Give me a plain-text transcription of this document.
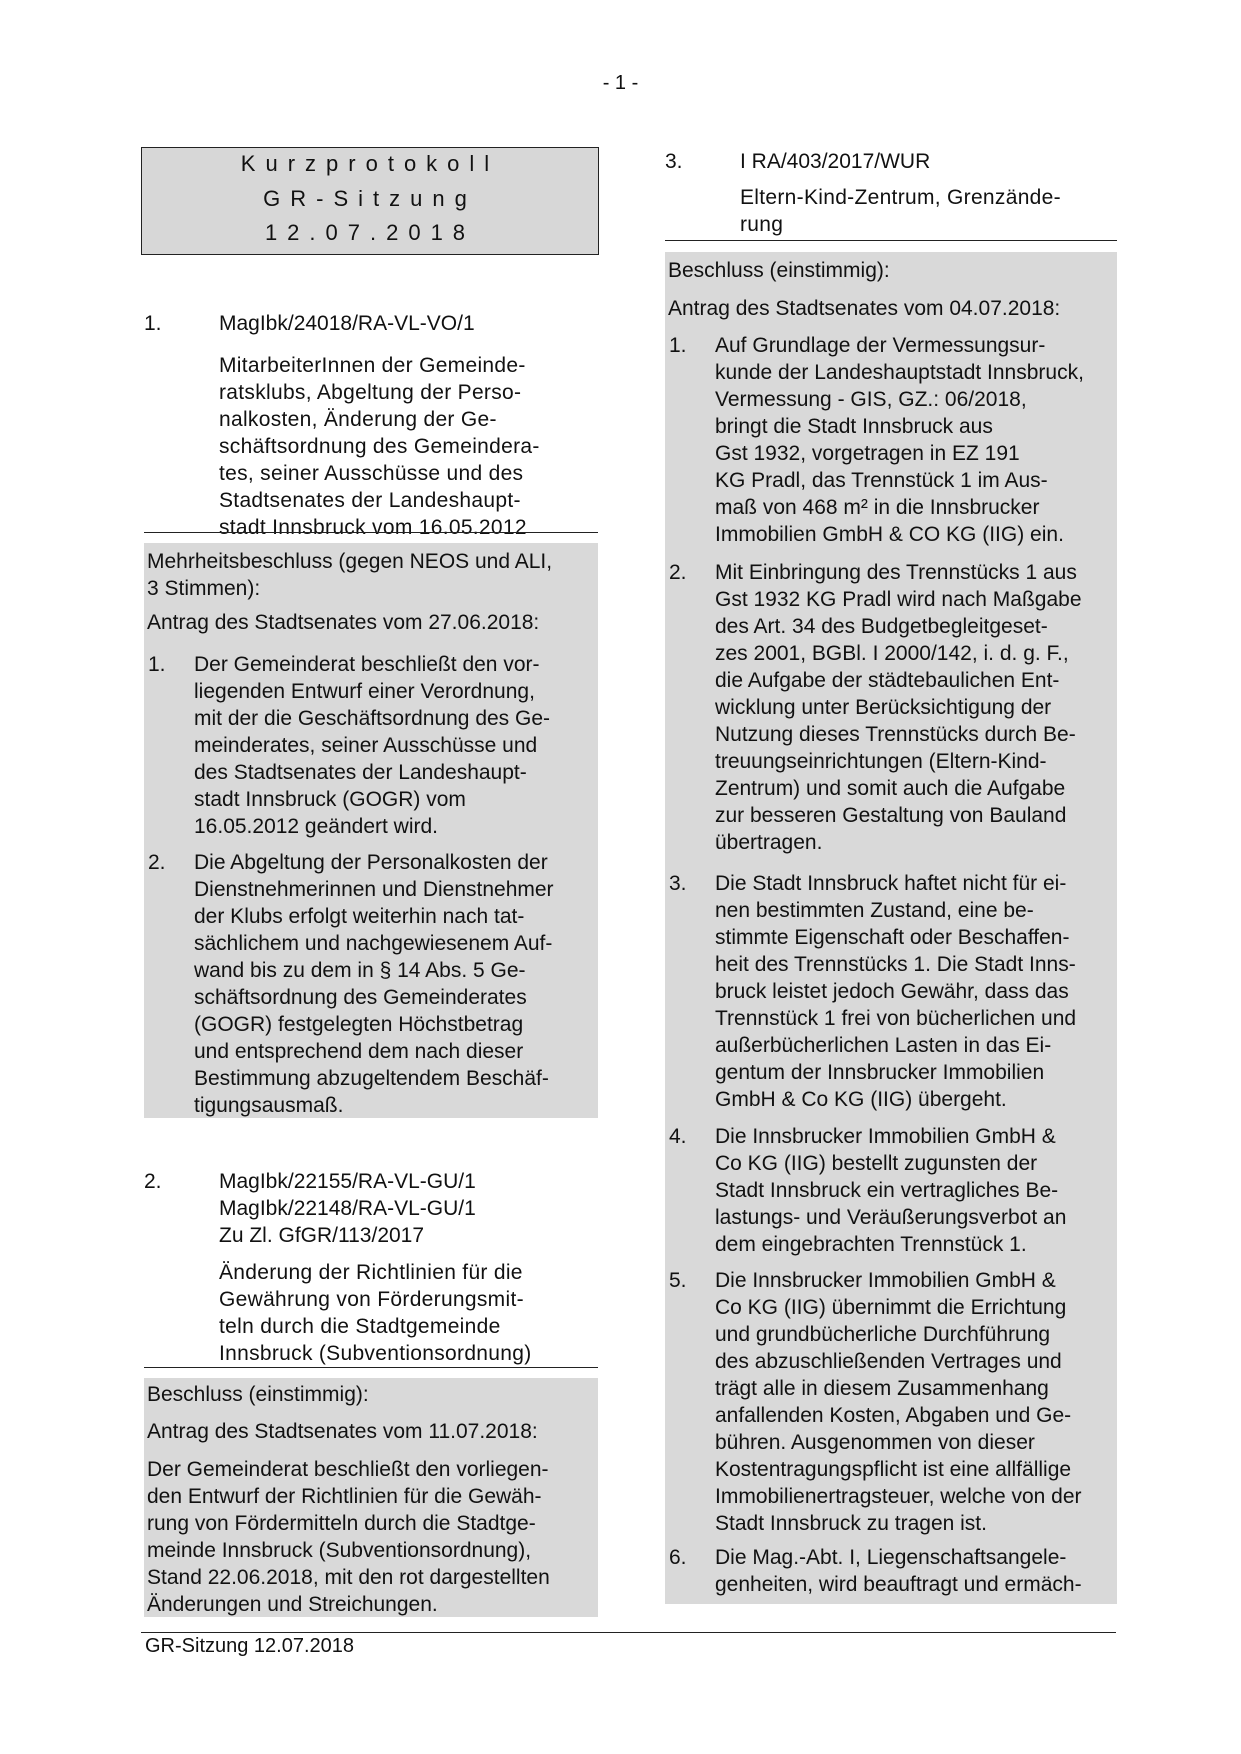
- 1 -
Kurzprotokoll
GR-Sitzung
12.07.2018
1.	MagIbk/24018/RA-VL-VO/1
MitarbeiterInnen der Gemeinde-
ratsklubs, Abgeltung der Perso-
nalkosten, Änderung der Ge-
schäftsordnung des Gemeindera-
tes, seiner Ausschüsse und des
Stadtsenates der Landeshaupt-
stadt Innsbruck vom 16.05.2012
Mehrheitsbeschluss (gegen NEOS und ALI,
3 Stimmen):
Antrag des Stadtsenates vom 27.06.2018:
1. Der Gemeinderat beschließt den vor-
liegenden Entwurf einer Verordnung,
mit der die Geschäftsordnung des Ge-
meinderates, seiner Ausschüsse und
des Stadtsenates der Landeshaupt-
stadt Innsbruck (GOGR) vom
16.05.2012 geändert wird.
2. Die Abgeltung der Personalkosten der
Dienstnehmerinnen und Dienstnehmer
der Klubs erfolgt weiterhin nach tat-
sächlichem und nachgewiesenem Auf-
wand bis zu dem in § 14 Abs. 5 Ge-
schäftsordnung des Gemeinderates
(GOGR) festgelegten Höchstbetrag
und entsprechend dem nach dieser
Bestimmung abzugeltendem Beschäf-
tigungsausmaß.
2.	MagIbk/22155/RA-VL-GU/1
MagIbk/22148/RA-VL-GU/1
Zu Zl. GfGR/113/2017
Änderung der Richtlinien für die
Gewährung von Förderungsmit-
teln durch die Stadtgemeinde
Innsbruck (Subventionsordnung)
Beschluss (einstimmig):
Antrag des Stadtsenates vom 11.07.2018:
Der Gemeinderat beschließt den vorliegen-
den Entwurf der Richtlinien für die Gewäh-
rung von Fördermitteln durch die Stadtge-
meinde Innsbruck (Subventionsordnung),
Stand 22.06.2018, mit den rot dargestellten
Änderungen und Streichungen.
3.	I RA/403/2017/WUR
Eltern-Kind-Zentrum, Grenzände-
rung
Beschluss (einstimmig):
Antrag des Stadtsenates vom 04.07.2018:
1. Auf Grundlage der Vermessungsur-
kunde der Landeshauptstadt Innsbruck,
Vermessung - GIS, GZ.: 06/2018,
bringt die Stadt Innsbruck aus
Gst 1932, vorgetragen in EZ 191
KG Pradl, das Trennstück 1 im Aus-
maß von 468 m² in die Innsbrucker
Immobilien GmbH & CO KG (IIG) ein.
2. Mit Einbringung des Trennstücks 1 aus
Gst 1932 KG Pradl wird nach Maßgabe
des Art. 34 des Budgetbegleitgeset-
zes 2001, BGBl. I 2000/142, i. d. g. F.,
die Aufgabe der städtebaulichen Ent-
wicklung unter Berücksichtigung der
Nutzung dieses Trennstücks durch Be-
treuungseinrichtungen (Eltern-Kind-
Zentrum) und somit auch die Aufgabe
zur besseren Gestaltung von Bauland
übertragen.
3. Die Stadt Innsbruck haftet nicht für ei-
nen bestimmten Zustand, eine be-
stimmte Eigenschaft oder Beschaffen-
heit des Trennstücks 1. Die Stadt Inns-
bruck leistet jedoch Gewähr, dass das
Trennstück 1 frei von bücherlichen und
außerbücherlichen Lasten in das Ei-
gentum der Innsbrucker Immobilien
GmbH & Co KG (IIG) übergeht.
4. Die Innsbrucker Immobilien GmbH &
Co KG (IIG) bestellt zugunsten der
Stadt Innsbruck ein vertragliches Be-
lastungs- und Veräußerungsverbot an
dem eingebrachten Trennstück 1.
5. Die Innsbrucker Immobilien GmbH &
Co KG (IIG) übernimmt die Errichtung
und grundbücherliche Durchführung
des abzuschließenden Vertrages und
trägt alle in diesem Zusammenhang
anfallenden Kosten, Abgaben und Ge-
bühren. Ausgenommen von dieser
Kostentragungspflicht ist eine allfällige
Immobilienertragsteuer, welche von der
Stadt Innsbruck zu tragen ist.
6. Die Mag.-Abt. I, Liegenschaftsangele-
genheiten, wird beauftragt und ermäch-
GR-Sitzung 12.07.2018
